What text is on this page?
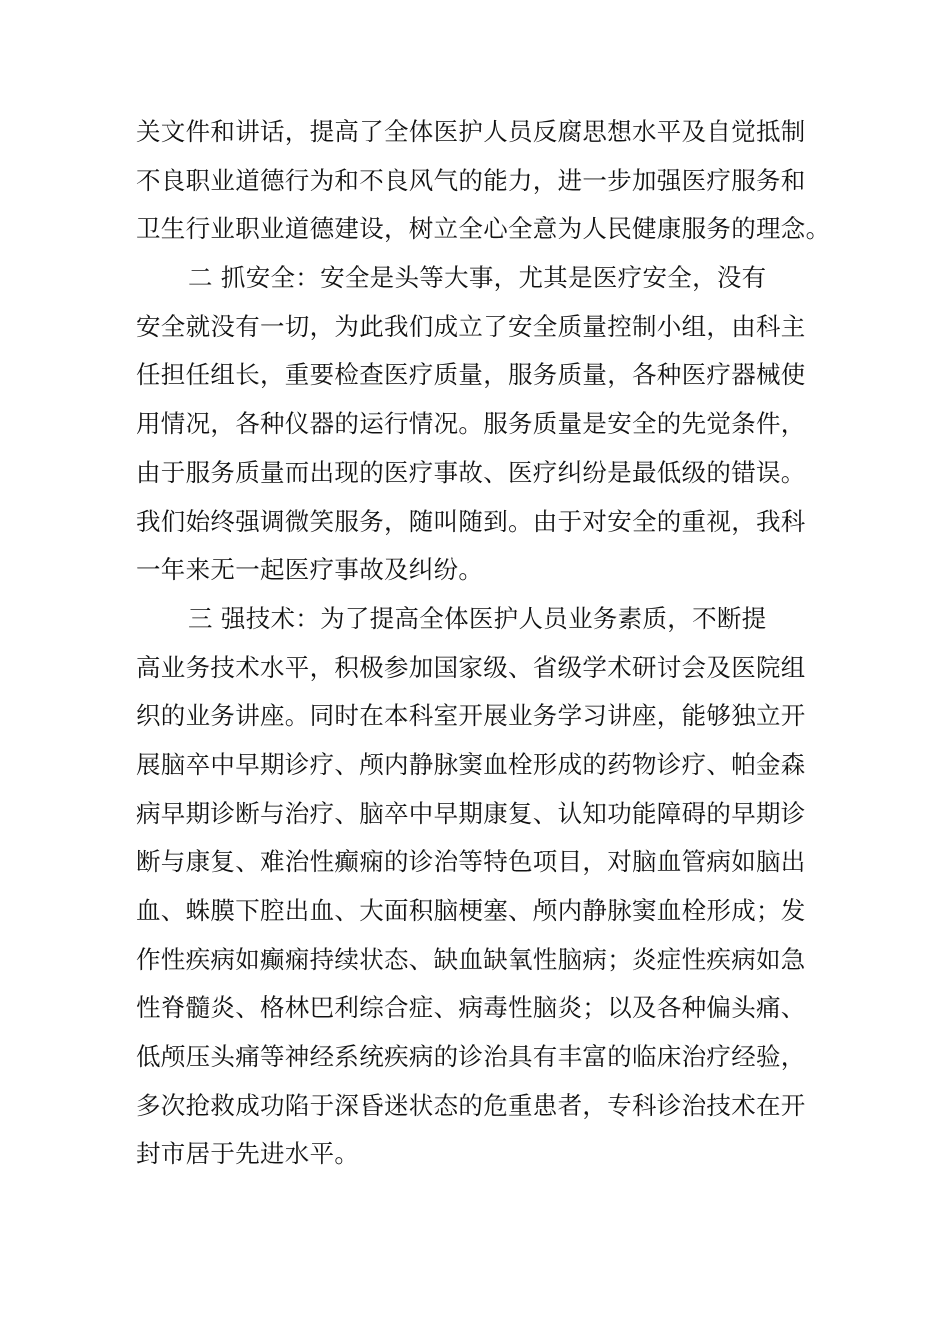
关文件和讲话，提高了全体医护人员反腐思想水平及自觉抵制
不良职业道德行为和不良风气的能力，进一步加强医疗服务和
卫生行业职业道德建设，树立全心全意为人民健康服务的理念。
二 抓安全：安全是头等大事，尤其是医疗安全，没有
安全就没有一切，为此我们成立了安全质量控制小组，由科主
任担任组长，重要检查医疗质量，服务质量，各种医疗器械使
用情况，各种仪器的运行情况。服务质量是安全的先觉条件，
由于服务质量而出现的医疗事故、医疗纠纷是最低级的错误。
我们始终强调微笑服务，随叫随到。由于对安全的重视，我科
一年来无一起医疗事故及纠纷。
三 强技术：为了提高全体医护人员业务素质，不断提
高业务技术水平，积极参加国家级、省级学术研讨会及医院组
织的业务讲座。同时在本科室开展业务学习讲座，能够独立开
展脑卒中早期诊疗、颅内静脉窦血栓形成的药物诊疗、帕金森
病早期诊断与治疗、脑卒中早期康复、认知功能障碍的早期诊
断与康复、难治性癫痫的诊治等特色项目，对脑血管病如脑出
血、蛛膜下腔出血、大面积脑梗塞、颅内静脉窦血栓形成；发
作性疾病如癫痫持续状态、缺血缺氧性脑病；炎症性疾病如急
性脊髓炎、格林巴利综合症、病毒性脑炎；以及各种偏头痛、
低颅压头痛等神经系统疾病的诊治具有丰富的临床治疗经验，
多次抢救成功陷于深昏迷状态的危重患者，专科诊治技术在开
封市居于先进水平。
